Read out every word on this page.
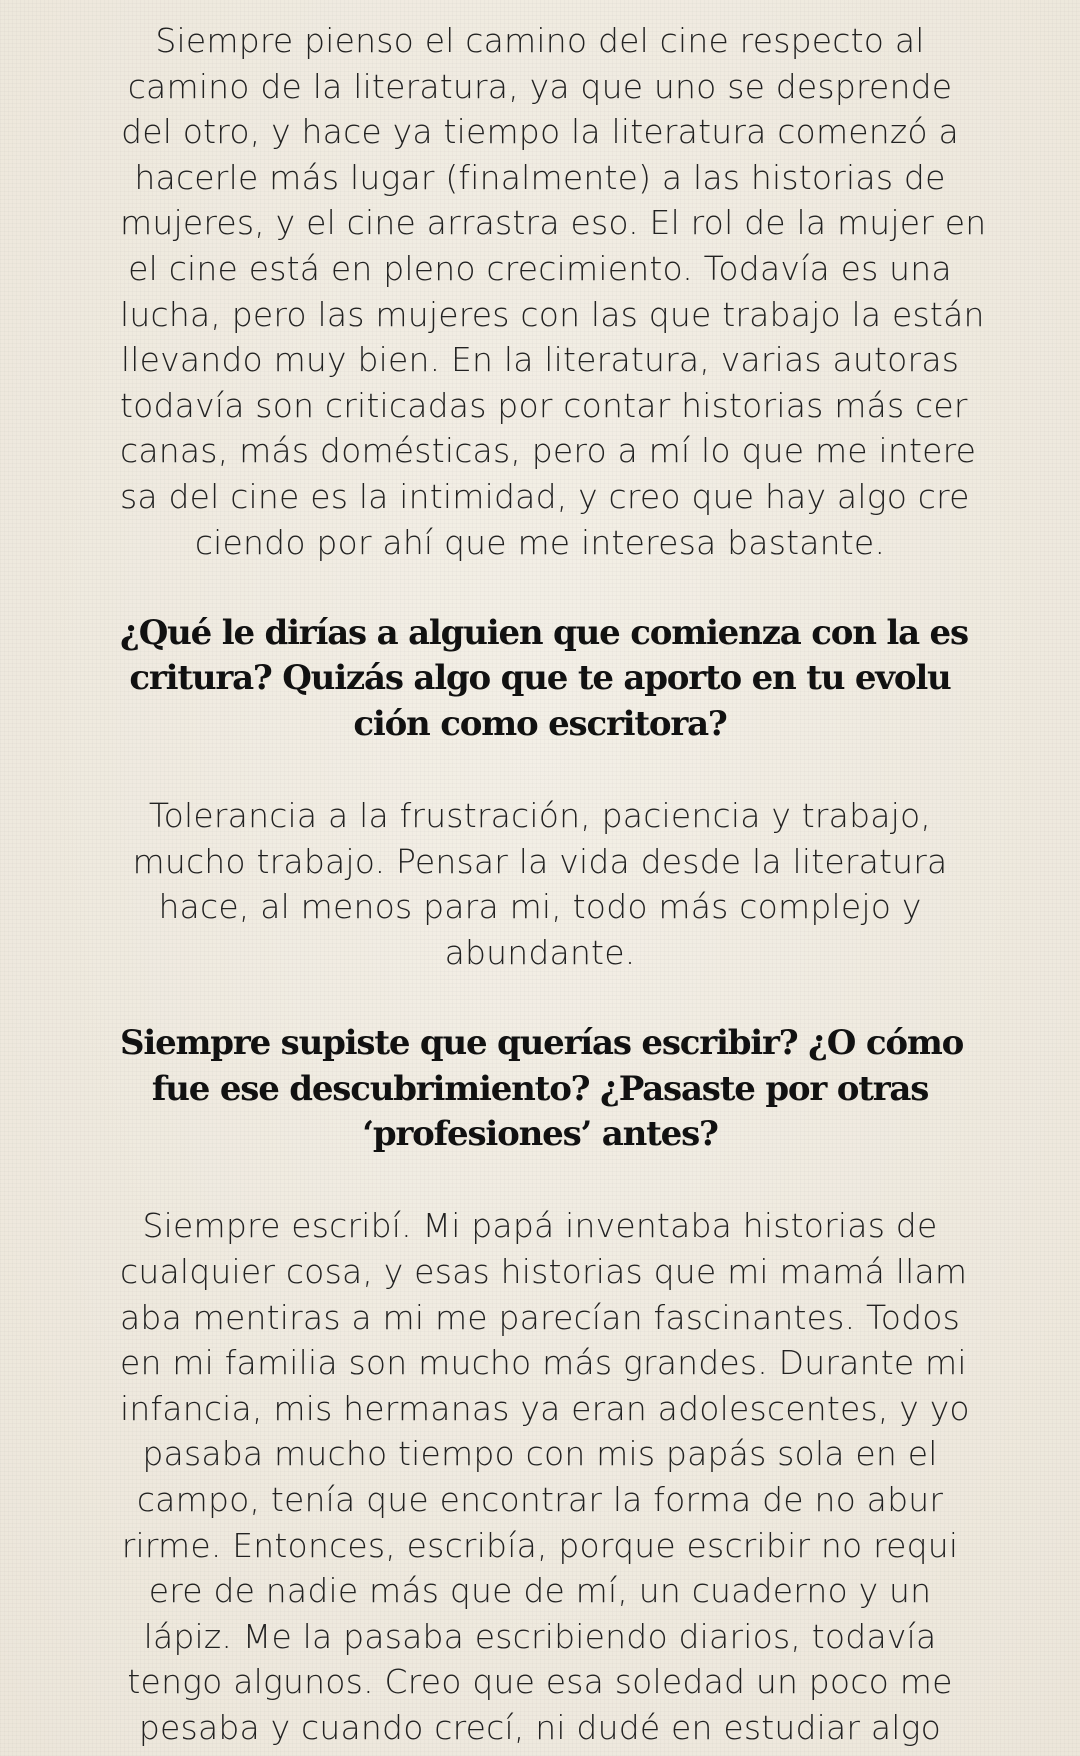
Siempre pienso el camino del cine respecto al
camino de la literatura, ya que uno se desprende
del otro, y hace ya tiempo la literatura comenzó a
hacerle más lugar (finalmente) a las historias de
mujeres, y el cine arrastra eso. El rol de la mujer en
el cine está en pleno crecimiento. Todavía es una
lucha, pero las mujeres con las que trabajo la están
llevando muy bien. En la literatura, varias autoras
todavía son criticadas por contar historias más cer
canas, más domésticas, pero a mí lo que me intere
sa del cine es la intimidad, y creo que hay algo cre
ciendo por ahí que me interesa bastante.

¿Qué le dirías a alguien que comienza con la es
critura? Quizás algo que te aporto en tu evolu
ción como escritora?

Tolerancia a la frustración, paciencia y trabajo,
mucho trabajo. Pensar la vida desde la literatura
hace, al menos para mi, todo más complejo y
abundante.

Siempre supiste que querías escribir? ¿O cómo
fue ese descubrimiento? ¿Pasaste por otras
‘profesiones’ antes?

Siempre escribí. Mi papá inventaba historias de
cualquier cosa, y esas historias que mi mamá llam
aba mentiras a mi me parecían fascinantes. Todos
en mi familia son mucho más grandes. Durante mi
infancia, mis hermanas ya eran adolescentes, y yo
pasaba mucho tiempo con mis papás sola en el
campo, tenía que encontrar la forma de no abur
rirme. Entonces, escribía, porque escribir no requi
ere de nadie más que de mí, un cuaderno y un
lápiz. Me la pasaba escribiendo diarios, todavía
tengo algunos. Creo que esa soledad un poco me
pesaba y cuando crecí, ni dudé en estudiar algo
